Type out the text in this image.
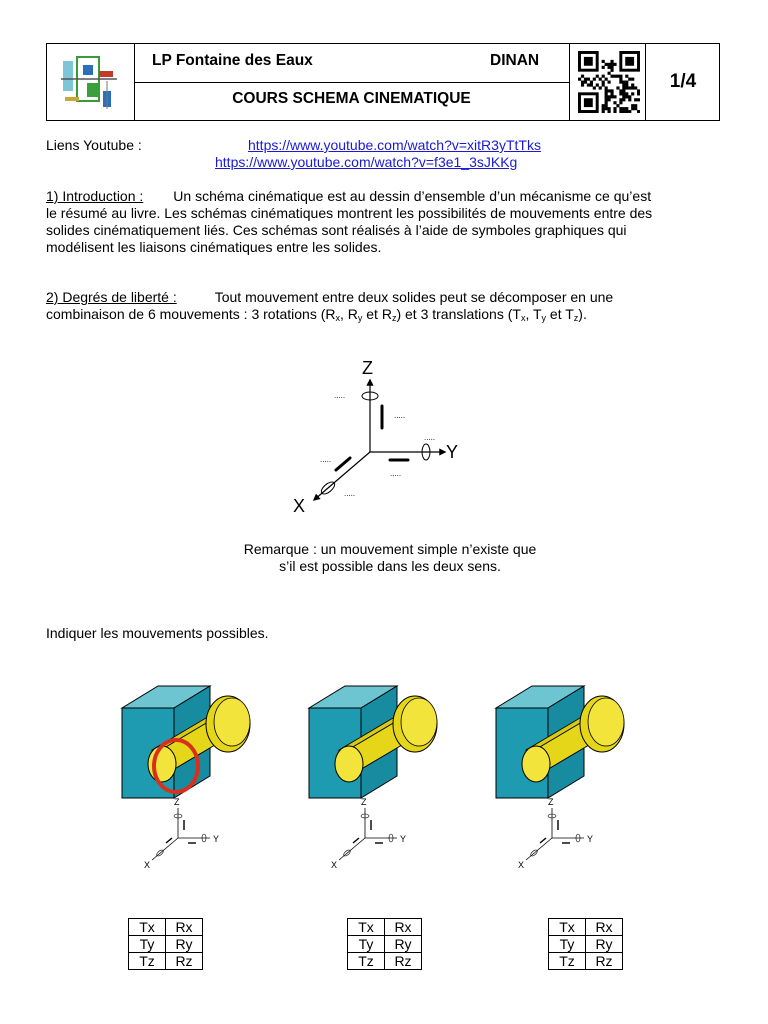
LP Fontaine des Eaux	DINAN
COURS SCHEMA CINEMATIQUE
1/4
Liens Youtube :	https://www.youtube.com/watch?v=xitR3yTtTks
https://www.youtube.com/watch?v=f3e1_3sJKKg
1) Introduction : Un schéma cinématique est au dessin d’ensemble d’un mécanisme ce qu’est
le résumé au livre. Les schémas cinématiques montrent les possibilités de mouvements entre des
solides cinématiquement liés. Ces schémas sont réalisés à l’aide de symboles graphiques qui
modélisent les liaisons cinématiques entre les solides.
2) Degrés de liberté :	Tout mouvement entre deux solides peut se décomposer en une
combinaison de 6 mouvements : 3 rotations ($R_x$, $R_y$ et $R_z$) et 3 translations ($T_x$, $T_y$ et $T_z$).
Z
Y
X
.....
.....
.....
.....
.....
.....
Remarque : un mouvement simple n’existe que
s’il est possible dans les deux sens.
Indiquer les mouvements possibles.
Z
Y
X
Z
Y
X
Z
Y
X
Tx	Rx
Ty	Ry
Tz	Rz
Tx	Rx
Ty	Ry
Tz	Rz
Tx	Rx
Ty	Ry
Tz	Rz
